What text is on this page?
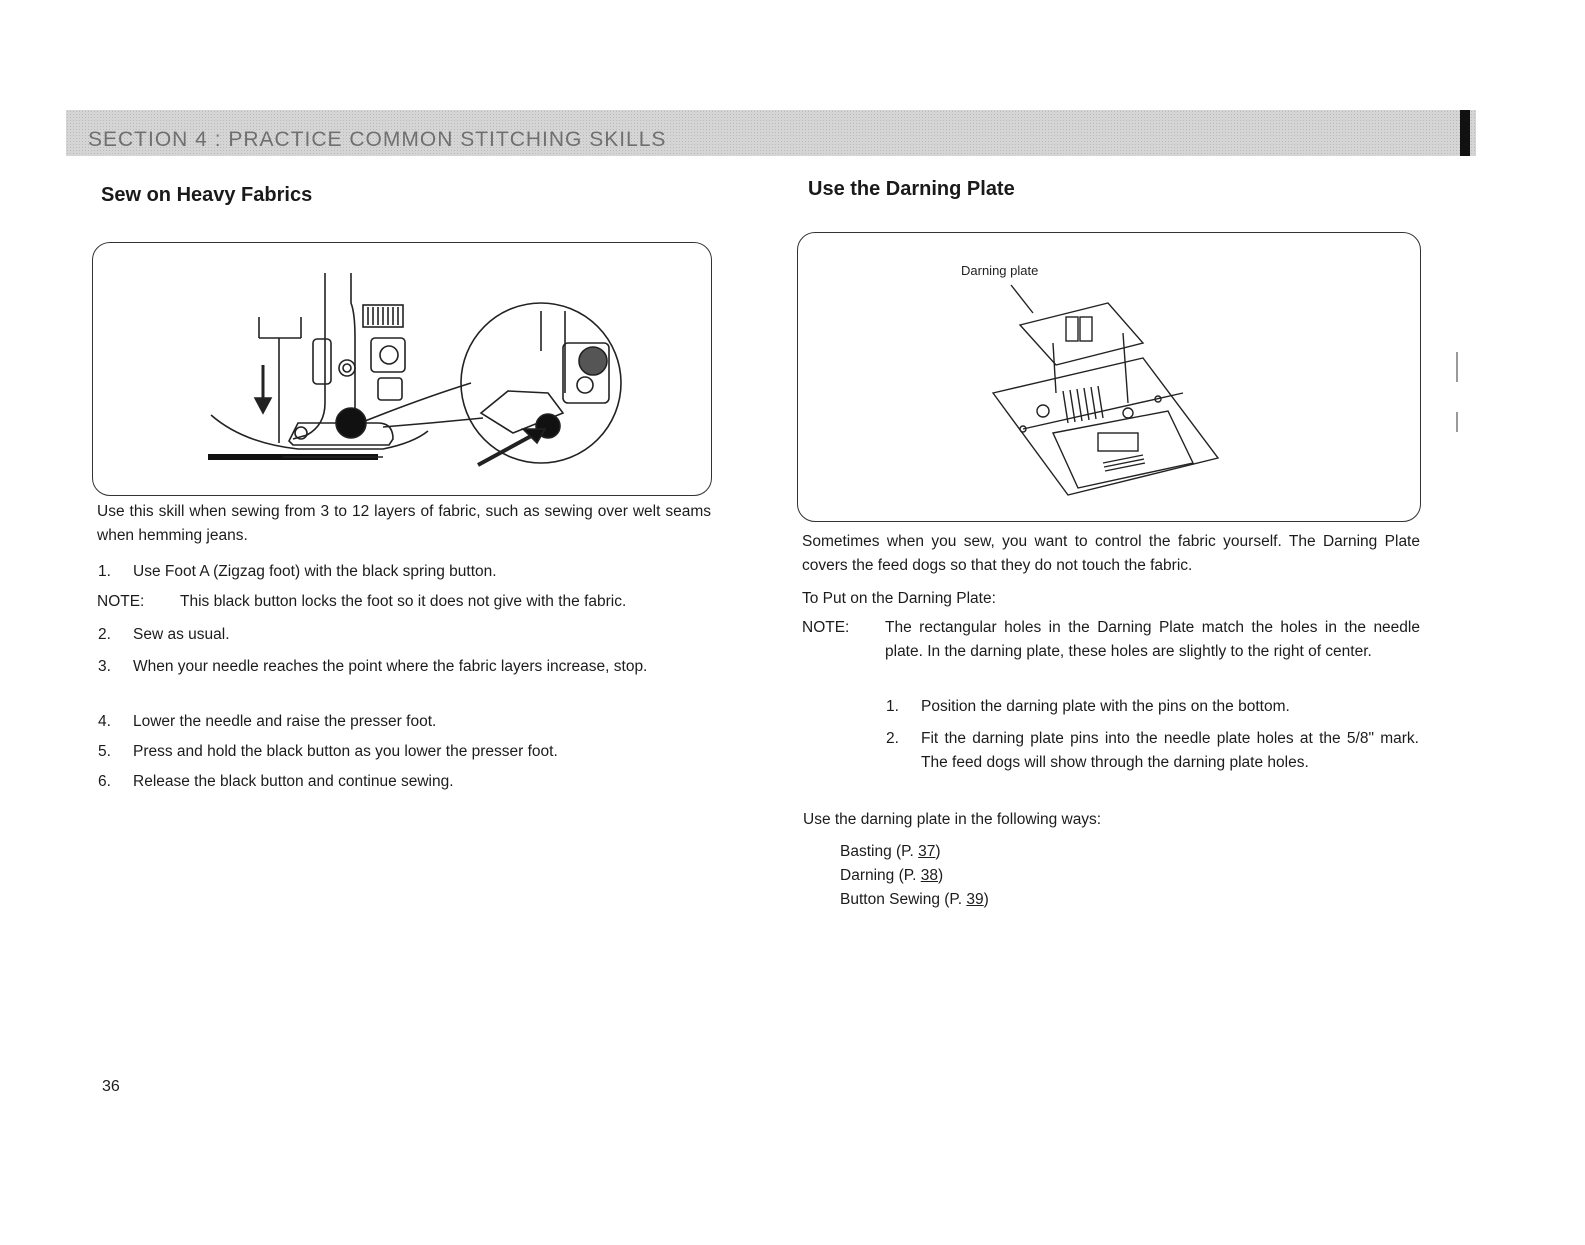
SECTION 4 : PRACTICE COMMON STITCHING SKILLS
Sew on Heavy Fabrics
Use this skill when sewing from 3 to 12 layers of fabric, such as sewing over welt seams when hemming jeans.
1. Use Foot A (Zigzag foot) with the black spring button.
NOTE: This black button locks the foot so it does not give with the fabric.
2. Sew as usual.
3. When your needle reaches the point where the fabric layers increase, stop.
4. Lower the needle and raise the presser foot.
5. Press and hold the black button as you lower the presser foot.
6. Release the black button and continue sewing.
Use the Darning Plate
Darning plate
Sometimes when you sew, you want to control the fabric yourself. The Darning Plate covers the feed dogs so that they do not touch the fabric.
To Put on the Darning Plate:
NOTE: The rectangular holes in the Darning Plate match the holes in the needle plate. In the darning plate, these holes are slightly to the right of center.
1. Position the darning plate with the pins on the bottom.
2. Fit the darning plate pins into the needle plate holes at the 5/8" mark. The feed dogs will show through the darning plate holes.
Use the darning plate in the following ways:
Basting (P. 37)
Darning (P. 38)
Button Sewing (P. 39)
36
